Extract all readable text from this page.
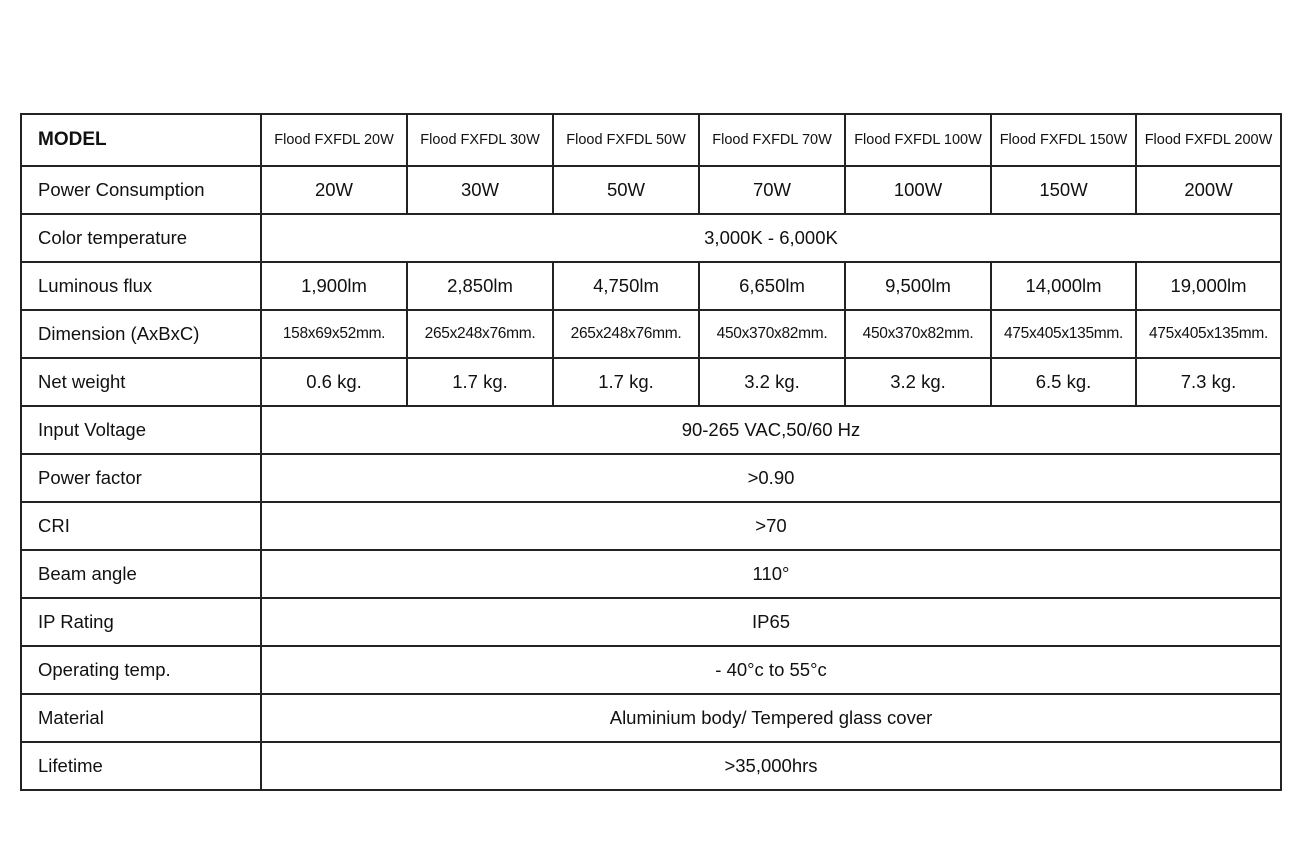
MODEL	Flood FXFDL 20W	Flood FXFDL 30W	Flood FXFDL 50W	Flood FXFDL 70W	Flood FXFDL 100W	Flood FXFDL 150W	Flood FXFDL 200W
Power Consumption	20W	30W	50W	70W	100W	150W	200W
Color temperature	3,000K - 6,000K						
Luminous flux	1,900lm	2,850lm	4,750lm	6,650lm	9,500lm	14,000lm	19,000lm
Dimension (AxBxC)	158x69x52mm.	265x248x76mm.	265x248x76mm.	450x370x82mm.	450x370x82mm.	475x405x135mm.	475x405x135mm.
Net weight	0.6 kg.	1.7 kg.	1.7 kg.	3.2 kg.	3.2 kg.	6.5 kg.	7.3 kg.
Input Voltage	90-265 VAC,50/60 Hz						
Power factor	>0.90						
CRI	>70						
Beam angle	110°						
IP Rating	IP65						
Operating temp.	- 40°c to 55°c						
Material	Aluminium body/ Tempered glass cover						
Lifetime	>35,000hrs						
